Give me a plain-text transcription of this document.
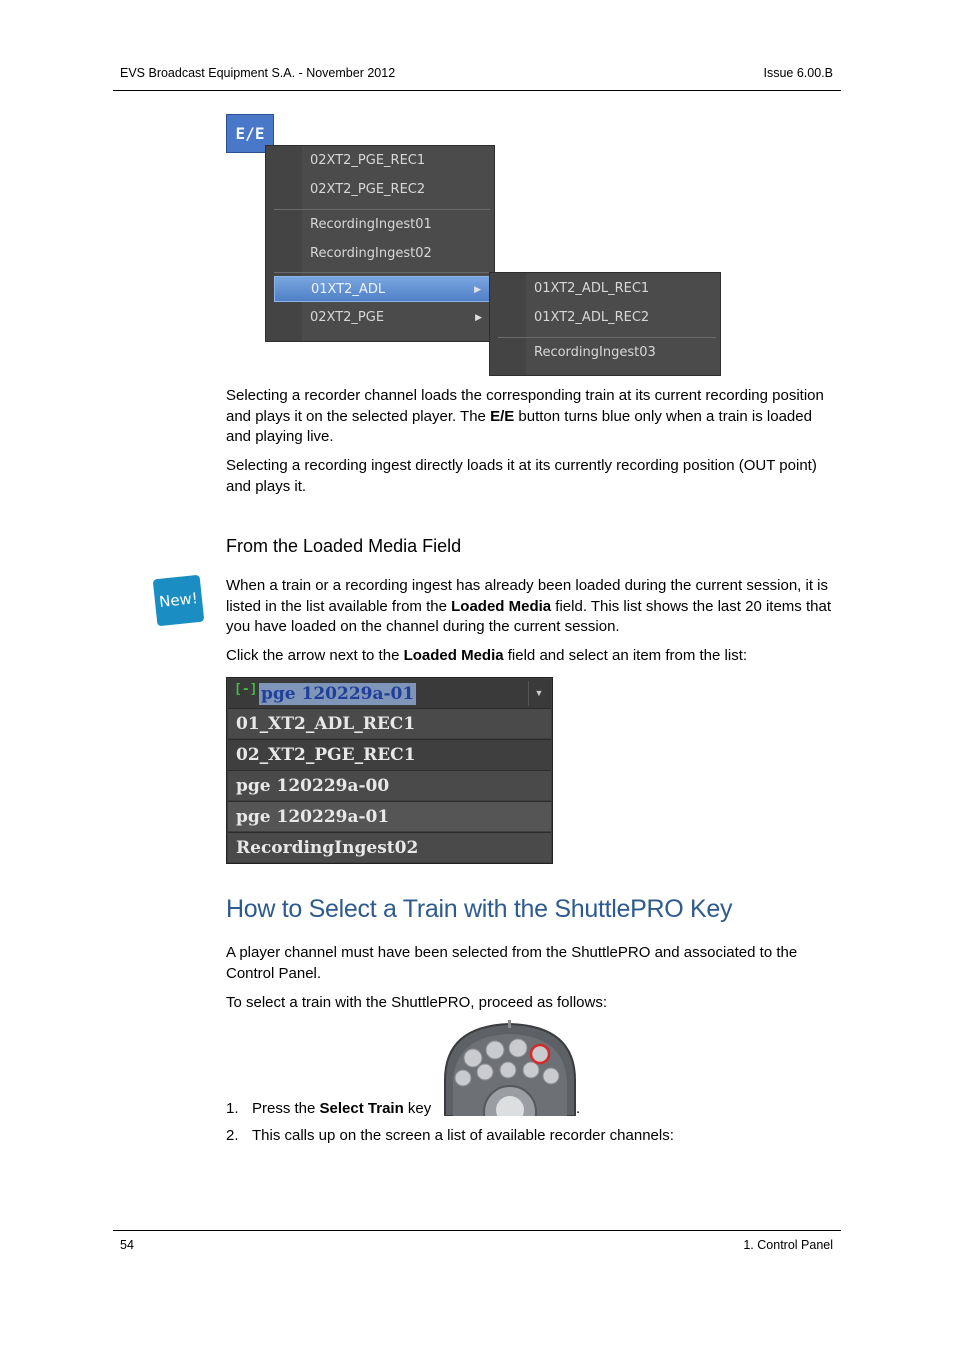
EVS Broadcast Equipment S.A. - November 2012	Issue 6.00.B
E/E
02XT2_PGE_REC1
02XT2_PGE_REC2
RecordingIngest01
RecordingIngest02
01XT2_ADL	▶
02XT2_PGE	▶
01XT2_ADL_REC1
01XT2_ADL_REC2
RecordingIngest03
Selecting a recorder channel loads the corresponding train at its current recording position and plays it on the selected player. The E/E button turns blue only when a train is loaded and playing live.
Selecting a recording ingest directly loads it at its currently recording position (OUT point) and plays it.
From the Loaded Media Field
New!
When a train or a recording ingest has already been loaded during the current session, it is listed in the list available from the Loaded Media field. This list shows the last 20 items that you have loaded on the channel during the current session.
Click the arrow next to the Loaded Media field and select an item from the list:
[-] pge 120229a-01	▼
01_XT2_ADL_REC1
02_XT2_PGE_REC1
pge 120229a-00
pge 120229a-01
RecordingIngest02
How to Select a Train with the ShuttlePRO Key
A player channel must have been selected from the ShuttlePRO and associated to the Control Panel.
To select a train with the ShuttlePRO, proceed as follows:
1. Press the Select Train key	.
2. This calls up on the screen a list of available recorder channels:
54	1. Control Panel
